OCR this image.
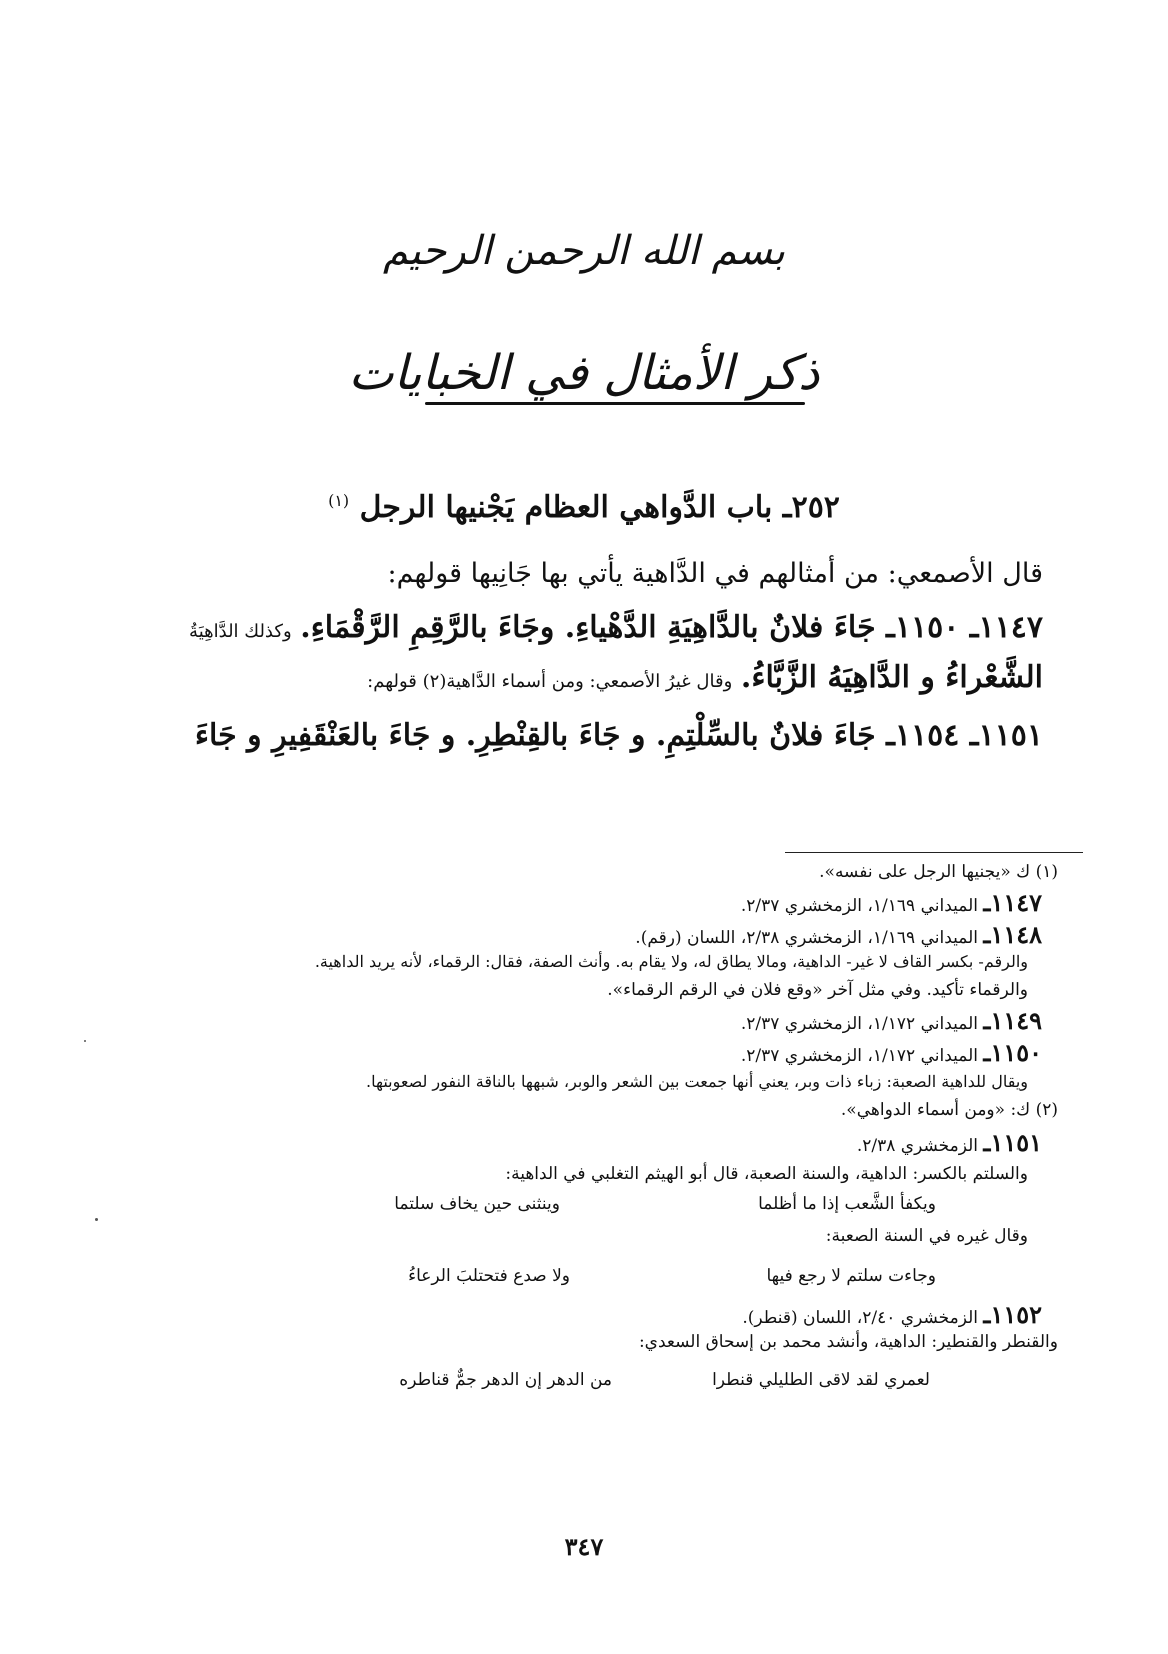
بسم الله الرحمن الرحيم
ذكر الأمثال في الخبايات
٢٥٢ـ باب الدَّواهي العظام يَجْنيها الرجل $^{(١)}$
قال الأصمعي: من أمثالهم في الدَّاهية يأتي بها جَانِيها قولهم:
١١٤٧ـ ١١٥٠ـ جَاءَ فلانٌ بالدَّاهِيَةِ الدَّهْياءِ. وجَاءَ بالرَّقِمِ الرَّقْمَاءِ. وكذلك الدَّاهِيَةُ
الشَّعْراءُ و الدَّاهِيَهُ الزَّبَّاءُ. وقال غيرُ الأصمعي: ومن أسماء الدَّاهية(٢) قولهم:
١١٥١ـ ١١٥٤ـ جَاءَ فلانٌ بالسِّلْتِمِ. و جَاءَ بالقِنْطِرِ. و جَاءَ بالعَنْقَفِيرِ و جَاءَ
(١) ك «يجنيها الرجل على نفسه».
١١٤٧ـ الميداني ١/١٦٩، الزمخشري ٢/٣٧.
١١٤٨ـ الميداني ١/١٦٩، الزمخشري ٢/٣٨، اللسان (رقم).
والرقم- بكسر القاف لا غير- الداهية، ومالا يطاق له، ولا يقام به. وأنث الصفة، فقال: الرقماء، لأنه يريد الداهية.
والرقماء تأكيد. وفي مثل آخر «وقع فلان في الرقم الرقماء».
١١٤٩ـ الميداني ١/١٧٢، الزمخشري ٢/٣٧.
١١٥٠ـ الميداني ١/١٧٢، الزمخشري ٢/٣٧.
ويقال للداهية الصعبة: زباء ذات وبر، يعني أنها جمعت بين الشعر والوبر، شبهها بالناقة النفور لصعوبتها.
(٢) ك: «ومن أسماء الدواهي».
١١٥١ـ الزمخشري ٢/٣٨.
والسلتم بالكسر: الداهية، والسنة الصعبة، قال أبو الهيثم التغلبي في الداهية:
ويكفأ الشَّعب إذا ما أظلما
وينثنى حين يخاف سلتما
وقال غيره في السنة الصعبة:
وجاءت سلتم لا رجع فيها
ولا صدع فتحتلبَ الرعاءُ
١١٥٢ـ الزمخشري ٢/٤٠، اللسان (قنطر).
والقنطر والقنطير: الداهية، وأنشد محمد بن إسحاق السعدي:
لعمري لقد لاقى الطليلي قنطرا
من الدهر إن الدهر جمٌّ قناطره
٣٤٧
